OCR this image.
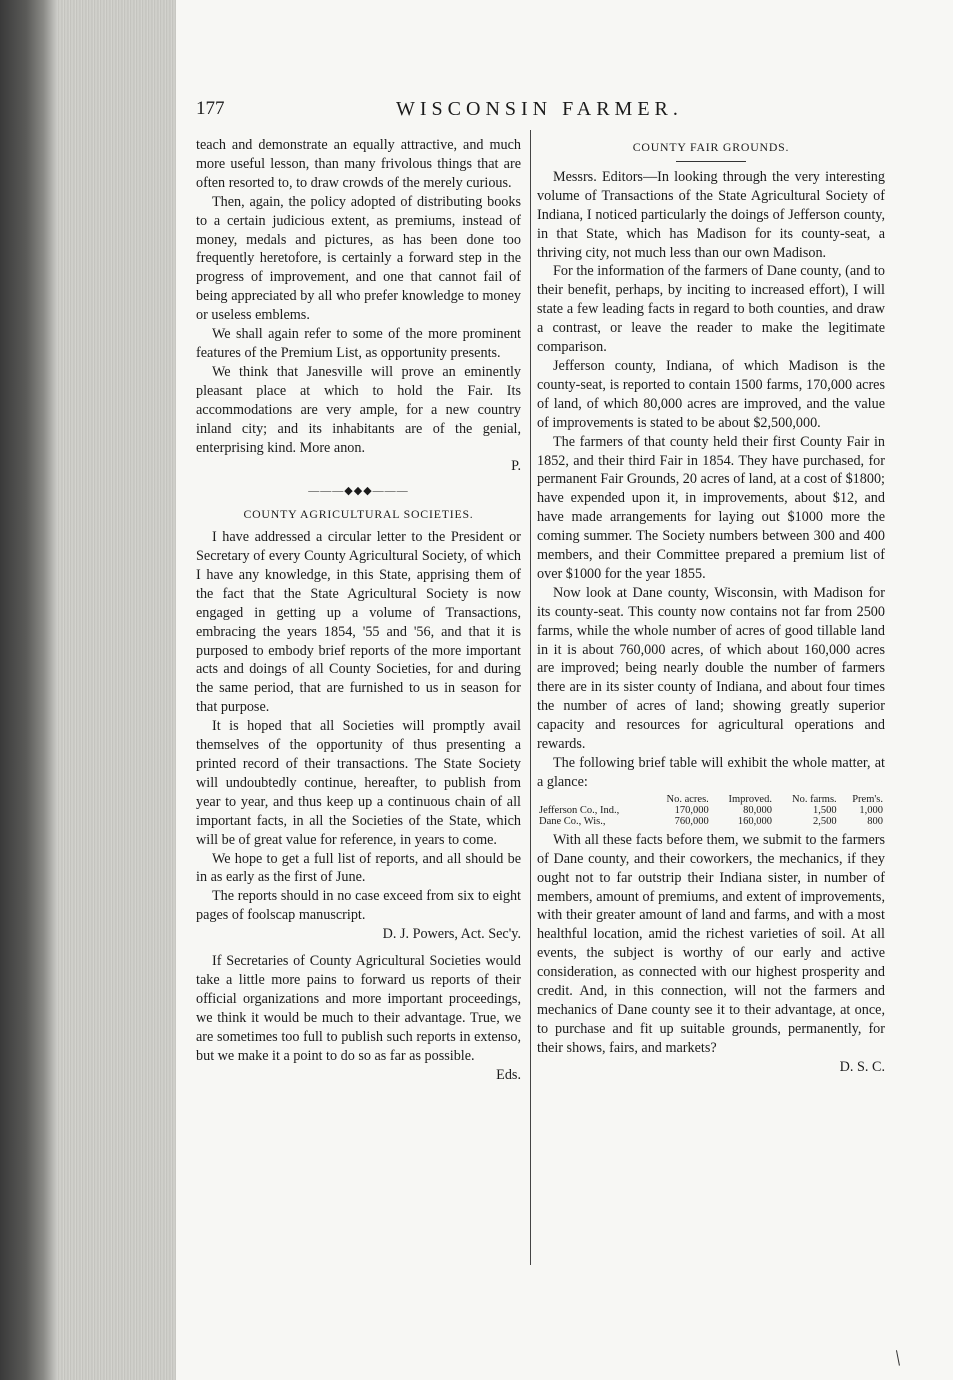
177	WISCONSIN FARMER.

teach and demonstrate an equally attractive, and much more useful lesson, than many frivolous things that are often resorted to, to draw crowds of the merely curious.

Then, again, the policy adopted of distributing books to a certain judicious extent, as premiums, instead of money, medals and pictures, as has been done too frequently heretofore, is certainly a forward step in the progress of improvement, and one that cannot fail of being appreciated by all who prefer knowledge to money or useless emblems.

We shall again refer to some of the more prominent features of the Premium List, as opportunity presents.

We think that Janesville will prove an eminently pleasant place at which to hold the Fair. Its accommodations are very ample, for a new country inland city; and its inhabitants are of the genial, enterprising kind. More anon.

P.

———◆◆◆———
COUNTY AGRICULTURAL SOCIETIES.

I have addressed a circular letter to the President or Secretary of every County Agricultural Society, of which I have any knowledge, in this State, apprising them of the fact that the State Agricultural Society is now engaged in getting up a volume of Transactions, embracing the years 1854, '55 and '56, and that it is purposed to embody brief reports of the more important acts and doings of all County Societies, for and during the same period, that are furnished to us in season for that purpose.

It is hoped that all Societies will promptly avail themselves of the opportunity of thus presenting a printed record of their transactions. The State Society will undoubtedly continue, hereafter, to publish from year to year, and thus keep up a continuous chain of all important facts, in all the Societies of the State, which will be of great value for reference, in years to come.

We hope to get a full list of reports, and all should be in as early as the first of June.

The reports should in no case exceed from six to eight pages of foolscap manuscript.

D. J. Powers, Act. Sec'y.

If Secretaries of County Agricultural Societies would take a little more pains to forward us reports of their official organizations and more important proceedings, we think it would be much to their advantage. True, we are sometimes too full to publish such reports in extenso, but we make it a point to do so as far as possible.

Eds.

COUNTY FAIR GROUNDS.

Messrs. Editors—In looking through the very interesting volume of Transactions of the State Agricultural Society of Indiana, I noticed particularly the doings of Jefferson county, in that State, which has Madison for its county-seat, a thriving city, not much less than our own Madison.

For the information of the farmers of Dane county, (and to their benefit, perhaps, by inciting to increased effort), I will state a few leading facts in regard to both counties, and draw a contrast, or leave the reader to make the legitimate comparison.

Jefferson county, Indiana, of which Madison is the county-seat, is reported to contain 1500 farms, 170,000 acres of land, of which 80,000 acres are improved, and the value of improvements is stated to be about $2,500,000.

The farmers of that county held their first County Fair in 1852, and their third Fair in 1854. They have purchased, for permanent Fair Grounds, 20 acres of land, at a cost of $1800; have expended upon it, in improvements, about $12, and have made arrangements for laying out $1000 more the coming summer. The Society numbers between 300 and 400 members, and their Committee prepared a premium list of over $1000 for the year 1855.

Now look at Dane county, Wisconsin, with Madison for its county-seat. This county now contains not far from 2500 farms, while the whole number of acres of good tillable land in it is about 760,000 acres, of which about 160,000 acres are improved; being nearly double the number of farmers there are in its sister county of Indiana, and about four times the number of acres of land; showing greatly superior capacity and resources for agricultural operations and rewards.

The following brief table will exhibit the whole matter, at a glance:

	No. acres.	Improved.	No. farms.	Prem's.
Jefferson Co., Ind.,	170,000	80,000	1,500	1,000
Dane Co., Wis.,	760,000	160,000	2,500	800

With all these facts before them, we submit to the farmers of Dane county, and their coworkers, the mechanics, if they ought not to far outstrip their Indiana sister, in number of members, amount of premiums, and extent of improvements, with their greater amount of land and farms, and with a most healthful location, amid the richest varieties of soil. At all events, the subject is worthy of our early and active consideration, as connected with our highest prosperity and credit. And, in this connection, will not the farmers and mechanics of Dane county see it to their advantage, at once, to purchase and fit up suitable grounds, permanently, for their shows, fairs, and markets?

D. S. C.

/
